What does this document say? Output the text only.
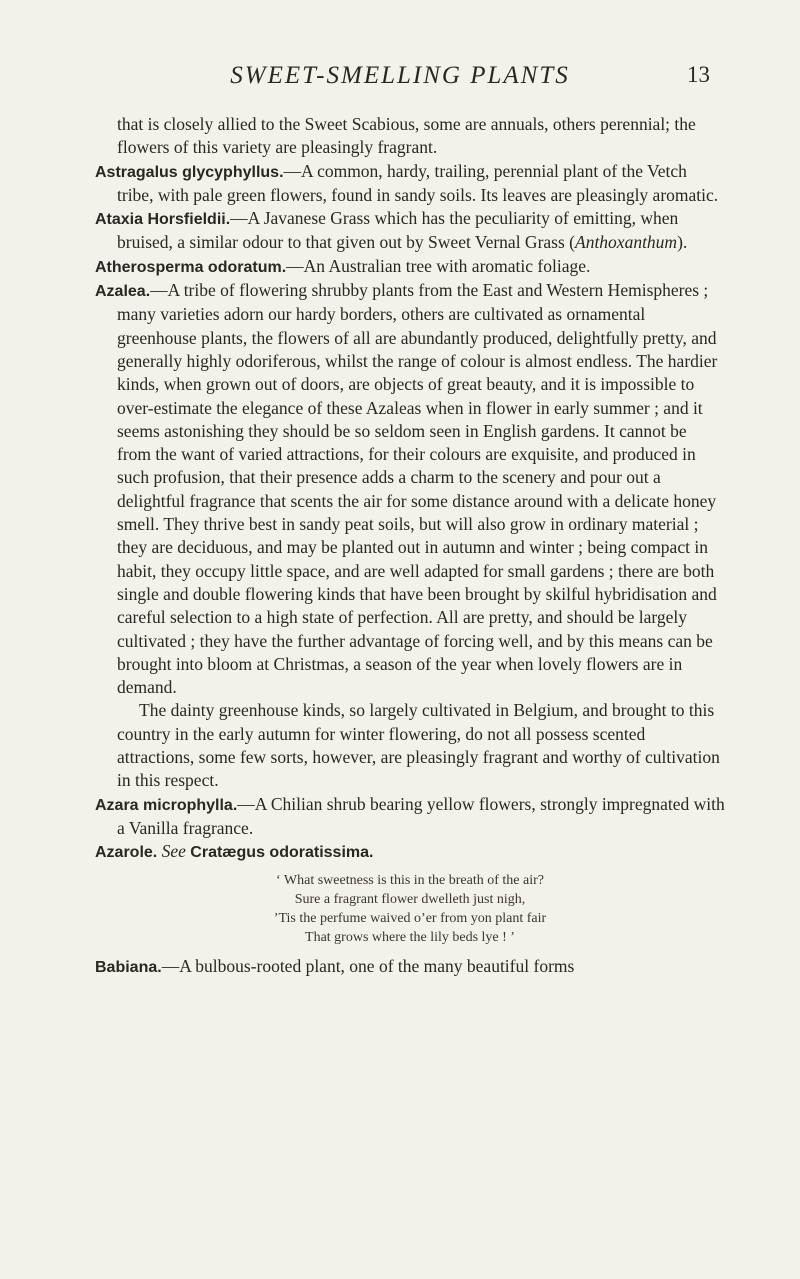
SWEET-SMELLING PLANTS	13

that is closely allied to the Sweet Scabious, some are annuals, others perennial; the flowers of this variety are pleasingly fragrant.

Astragalus glycyphyllus.—A common, hardy, trailing, perennial plant of the Vetch tribe, with pale green flowers, found in sandy soils. Its leaves are pleasingly aromatic.

Ataxia Horsfieldii.—A Javanese Grass which has the peculiarity of emitting, when bruised, a similar odour to that given out by Sweet Vernal Grass (Anthoxanthum).

Atherosperma odoratum.—An Australian tree with aromatic foliage.

Azalea.—A tribe of flowering shrubby plants from the East and Western Hemispheres ; many varieties adorn our hardy borders, others are cultivated as ornamental greenhouse plants, the flowers of all are abundantly produced, delightfully pretty, and generally highly odoriferous, whilst the range of colour is almost endless. The hardier kinds, when grown out of doors, are objects of great beauty, and it is impossible to over-estimate the elegance of these Azaleas when in flower in early summer ; and it seems astonishing they should be so seldom seen in English gardens. It cannot be from the want of varied attractions, for their colours are exquisite, and produced in such profusion, that their presence adds a charm to the scenery and pour out a delightful fragrance that scents the air for some distance around with a delicate honey smell. They thrive best in sandy peat soils, but will also grow in ordinary material ; they are deciduous, and may be planted out in autumn and winter ; being compact in habit, they occupy little space, and are well adapted for small gardens ; there are both single and double flowering kinds that have been brought by skilful hybridisation and careful selection to a high state of perfection. All are pretty, and should be largely cultivated ; they have the further advantage of forcing well, and by this means can be brought into bloom at Christmas, a season of the year when lovely flowers are in demand.

The dainty greenhouse kinds, so largely cultivated in Belgium, and brought to this country in the early autumn for winter flowering, do not all possess scented attractions, some few sorts, however, are pleasingly fragrant and worthy of cultivation in this respect.

Azara microphylla.—A Chilian shrub bearing yellow flowers, strongly impregnated with a Vanilla fragrance.

Azarole. See Cratægus odoratissima.

‘ What sweetness is this in the breath of the air?
Sure a fragrant flower dwelleth just nigh,
’Tis the perfume waived o’er from yon plant fair
That grows where the lily beds lye ! ’

Babiana.—A bulbous-rooted plant, one of the many beautiful forms
